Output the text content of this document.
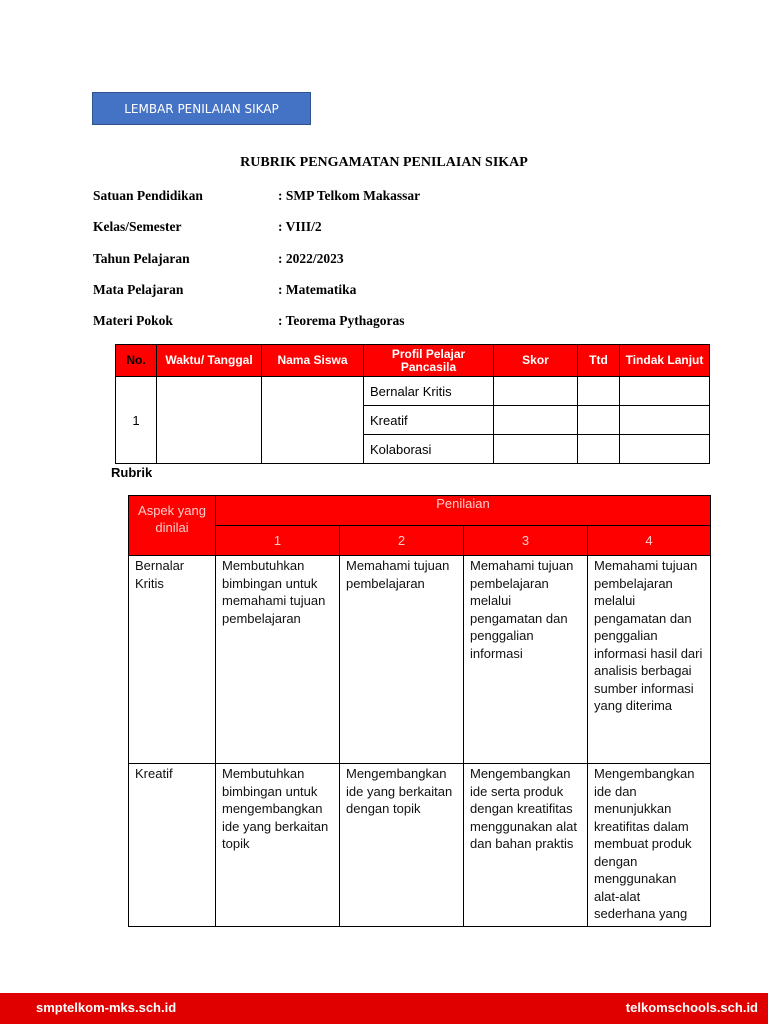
LEMBAR PENILAIAN SIKAP
RUBRIK PENGAMATAN PENILAIAN SIKAP
Satuan Pendidikan	: SMP Telkom Makassar
Kelas/Semester	: VIII/2
Tahun Pelajaran	: 2022/2023
Mata Pelajaran	: Matematika
Materi Pokok	: Teorema Pythagoras
No.	Waktu/ Tanggal	Nama Siswa	Profil Pelajar Pancasila	Skor	Ttd	Tindak Lanjut
1			Bernalar Kritis			
			Kreatif			
			Kolaborasi			
Rubrik
Aspek yang dinilai	Penilaian			
	1	2	3	4
Bernalar Kritis	Membutuhkan bimbingan untuk memahami tujuan pembelajaran	Memahami tujuan pembelajaran	Memahami tujuan pembelajaran melalui pengamatan dan penggalian informasi	Memahami tujuan pembelajaran melalui pengamatan dan penggalian informasi hasil dari analisis berbagai sumber informasi yang diterima
Kreatif	Membutuhkan bimbingan untuk mengembangkan ide yang berkaitan topik	Mengembangkan ide yang berkaitan dengan topik	Mengembangkan ide serta produk dengan kreatifitas menggunakan alat dan bahan praktis	Mengembangkan ide dan menunjukkan kreatifitas dalam membuat produk dengan menggunakan alat-alat sederhana yang
smptelkom-mks.sch.id	telkomschools.sch.id
